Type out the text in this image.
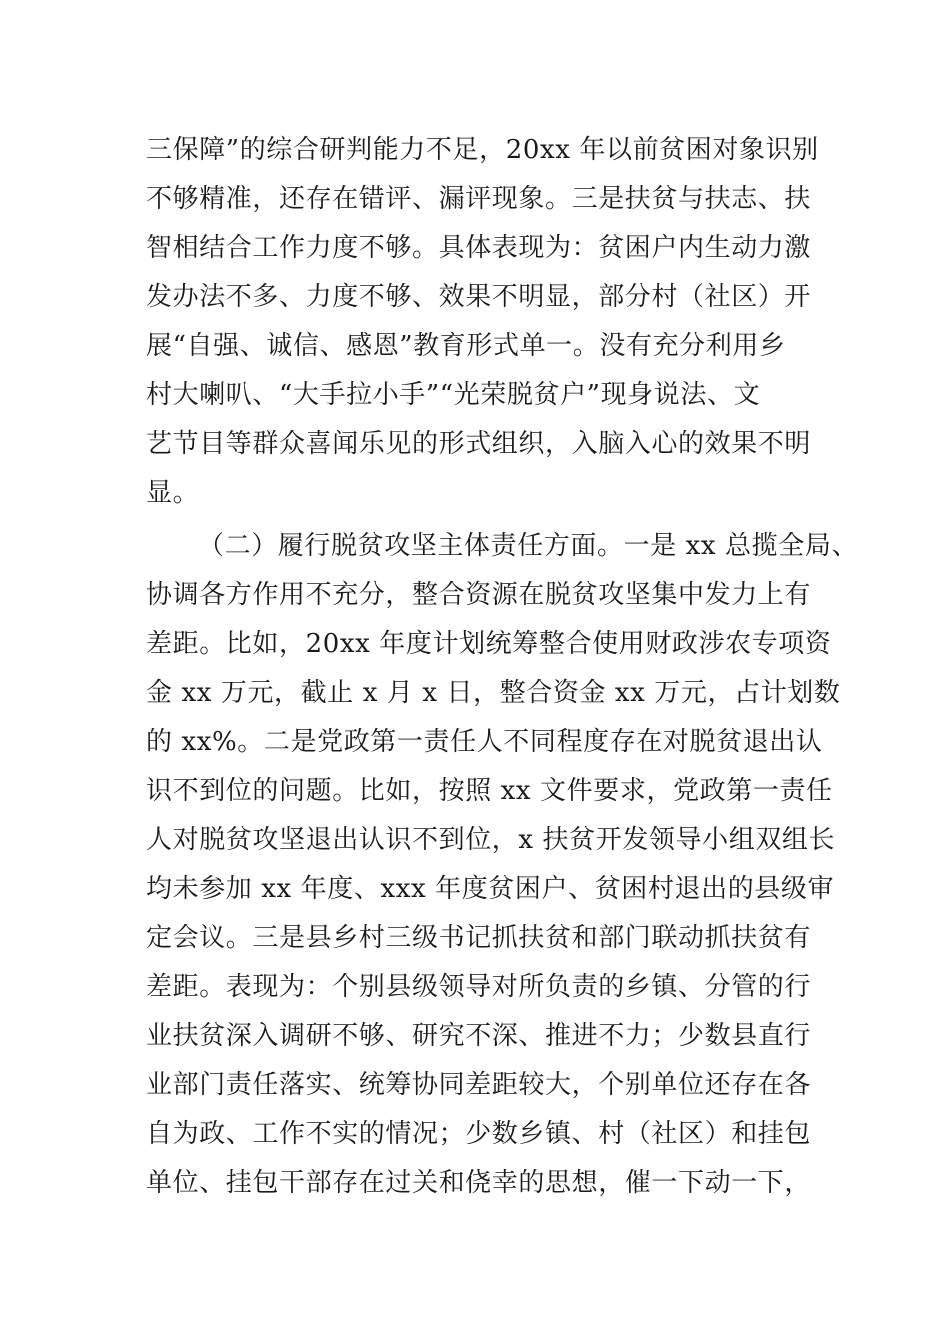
三保障”的综合研判能力不足，20xx 年以前贫困对象识别
不够精准，还存在错评、漏评现象。三是扶贫与扶志、扶
智相结合工作力度不够。具体表现为：贫困户内生动力激
发办法不多、力度不够、效果不明显，部分村（社区）开
展“自强、诚信、感恩”教育形式单一。没有充分利用乡
村大喇叭、“大手拉小手”“光荣脱贫户”现身说法、文
艺节目等群众喜闻乐见的形式组织，入脑入心的效果不明
显。
（二）履行脱贫攻坚主体责任方面。一是 xx 总揽全局、
协调各方作用不充分，整合资源在脱贫攻坚集中发力上有
差距。比如，20xx 年度计划统筹整合使用财政涉农专项资
金 xx 万元，截止 x 月 x 日，整合资金 xx 万元，占计划数
的 xx%。二是党政第一责任人不同程度存在对脱贫退出认
识不到位的问题。比如，按照 xx 文件要求，党政第一责任
人对脱贫攻坚退出认识不到位，x 扶贫开发领导小组双组长
均未参加 xx 年度、xxx 年度贫困户、贫困村退出的县级审
定会议。三是县乡村三级书记抓扶贫和部门联动抓扶贫有
差距。表现为：个别县级领导对所负责的乡镇、分管的行
业扶贫深入调研不够、研究不深、推进不力；少数县直行
业部门责任落实、统筹协同差距较大，个别单位还存在各
自为政、工作不实的情况；少数乡镇、村（社区）和挂包
单位、挂包干部存在过关和侥幸的思想，催一下动一下，
